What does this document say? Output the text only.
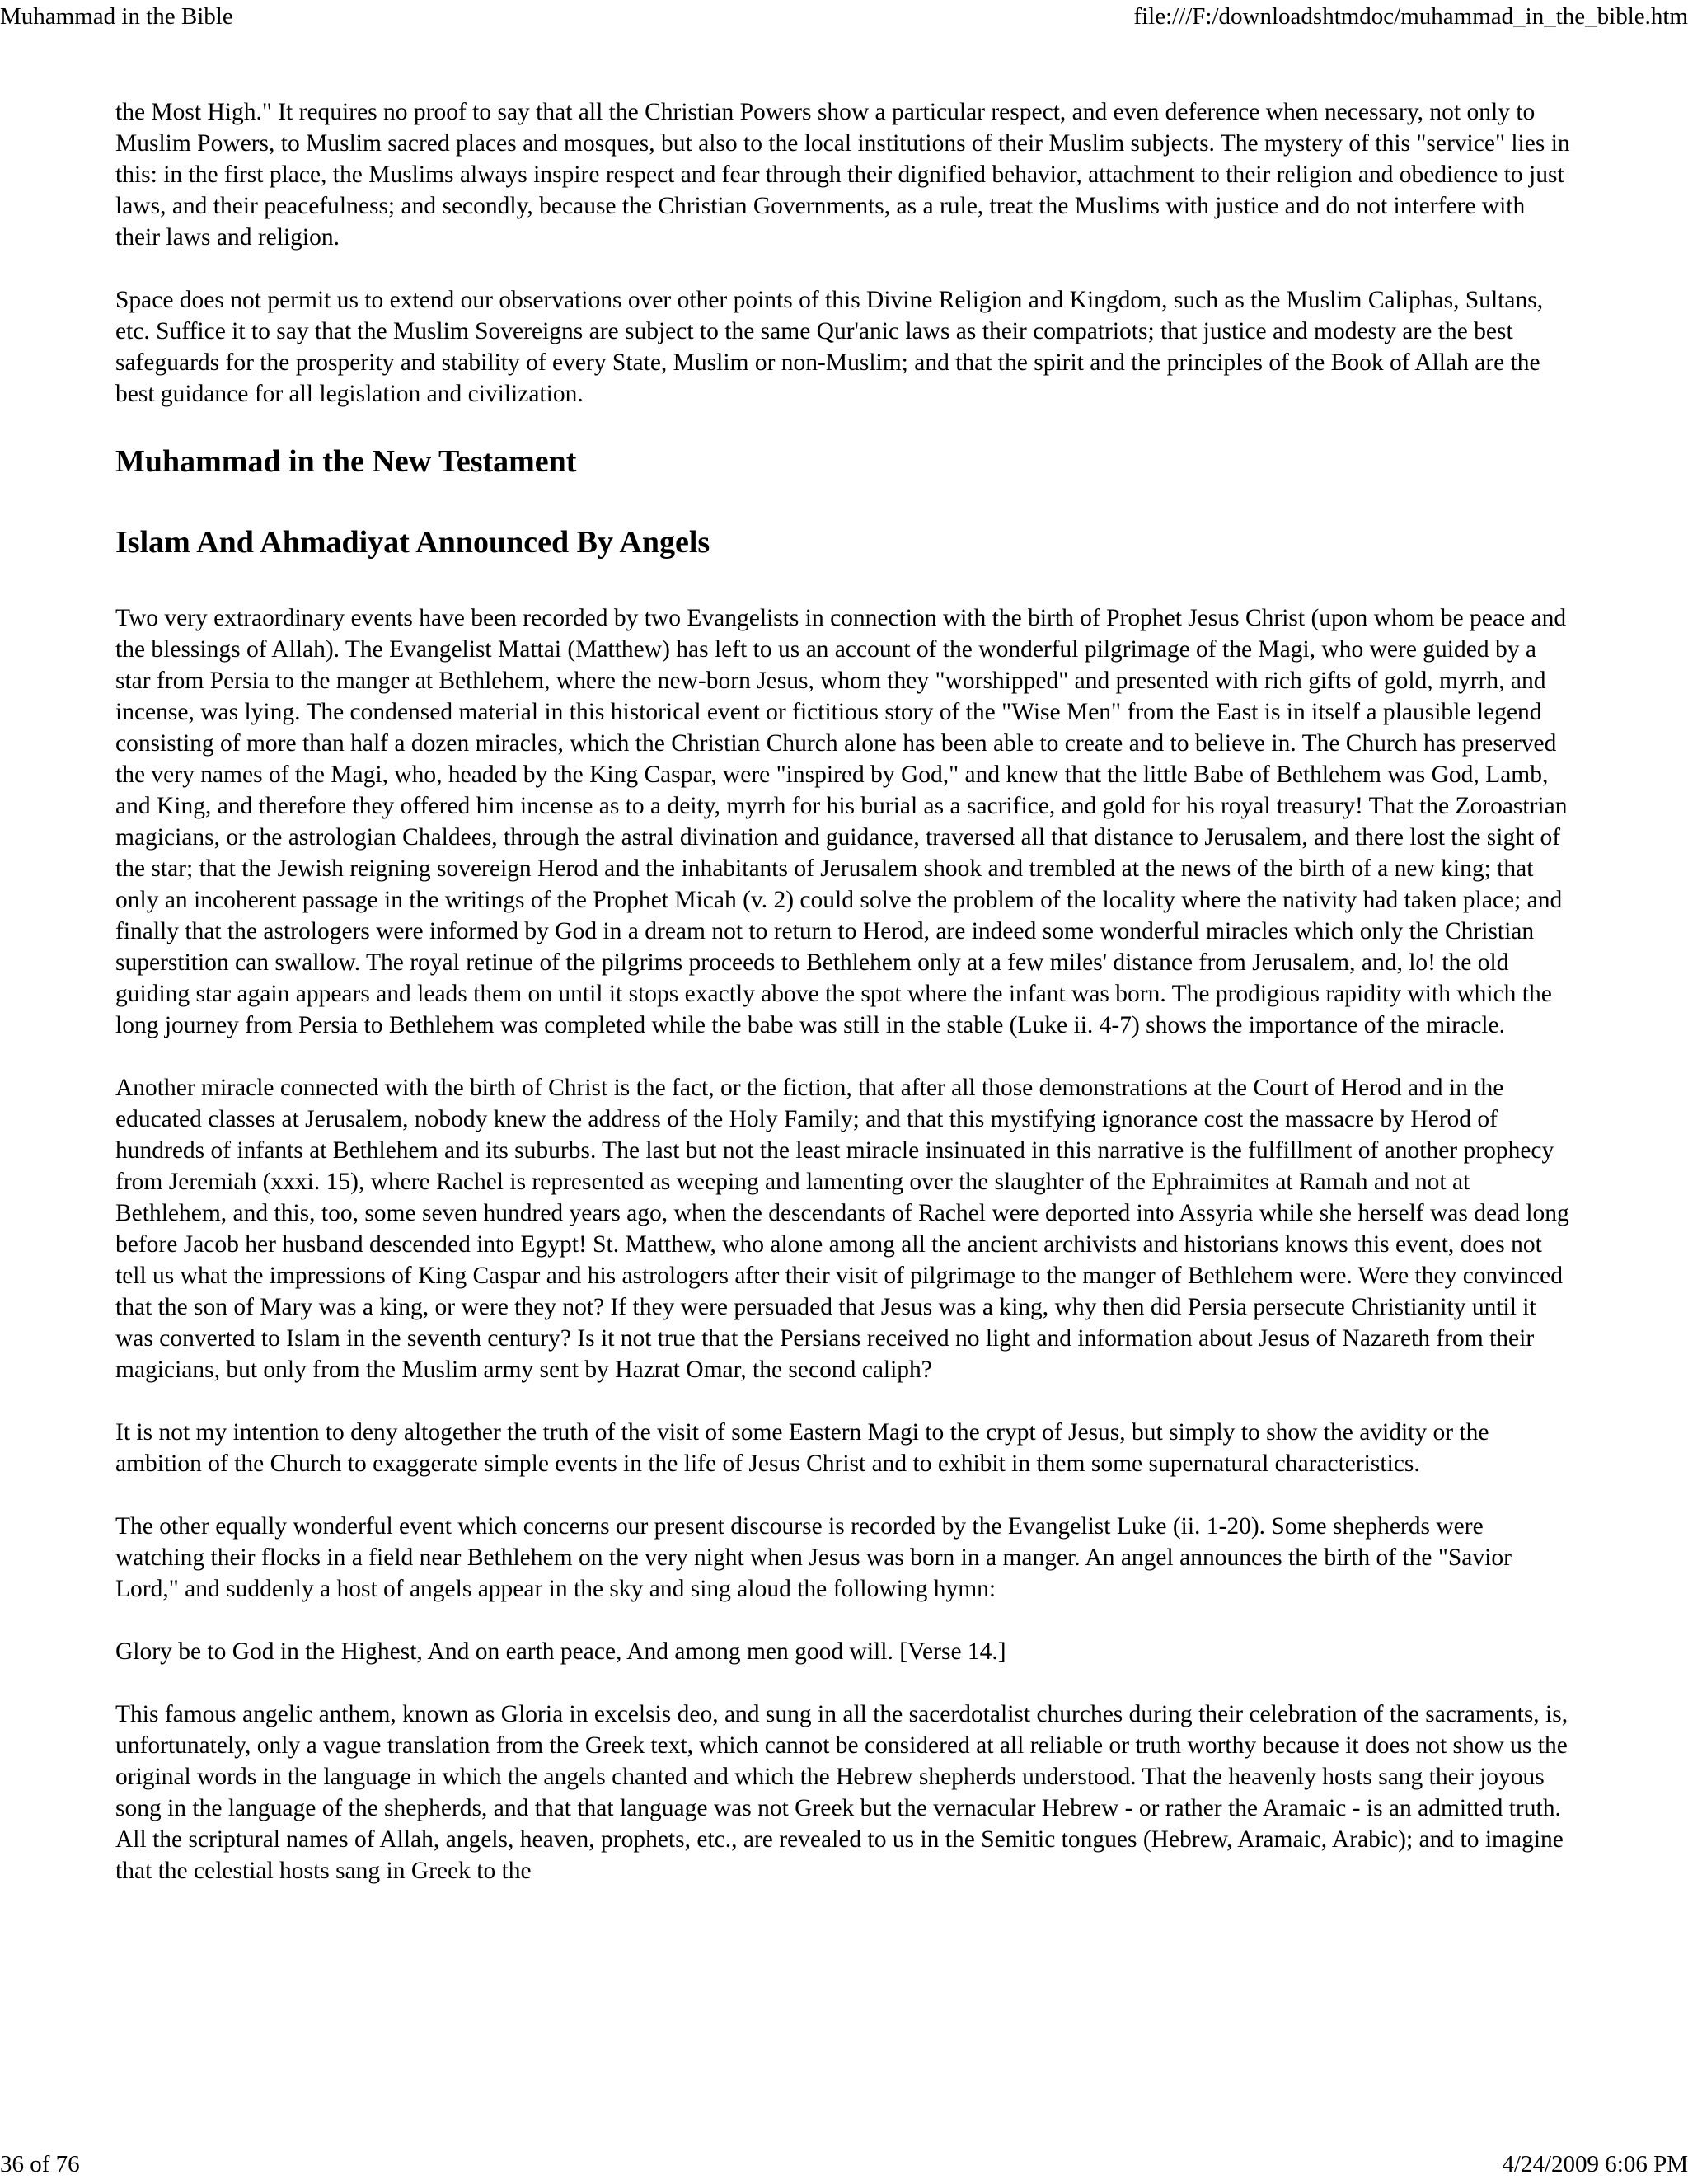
Muhammad in the Bible	file:///F:/downloadshtmdoc/muhammad_in_the_bible.htm

the Most High." It requires no proof to say that all the Christian Powers show a particular respect, and even deference when necessary, not only to Muslim Powers, to Muslim sacred places and mosques, but also to the local institutions of their Muslim subjects. The mystery of this "service" lies in this: in the first place, the Muslims always inspire respect and fear through their dignified behavior, attachment to their religion and obedience to just laws, and their peacefulness; and secondly, because the Christian Governments, as a rule, treat the Muslims with justice and do not interfere with their laws and religion.

Space does not permit us to extend our observations over other points of this Divine Religion and Kingdom, such as the Muslim Caliphas, Sultans, etc. Suffice it to say that the Muslim Sovereigns are subject to the same Qur'anic laws as their compatriots; that justice and modesty are the best safeguards for the prosperity and stability of every State, Muslim or non-Muslim; and that the spirit and the principles of the Book of Allah are the best guidance for all legislation and civilization.

Muhammad in the New Testament
Islam And Ahmadiyat Announced By Angels

Two very extraordinary events have been recorded by two Evangelists in connection with the birth of Prophet Jesus Christ (upon whom be peace and the blessings of Allah). The Evangelist Mattai (Matthew) has left to us an account of the wonderful pilgrimage of the Magi, who were guided by a star from Persia to the manger at Bethlehem, where the new-born Jesus, whom they "worshipped" and presented with rich gifts of gold, myrrh, and incense, was lying. The condensed material in this historical event or fictitious story of the "Wise Men" from the East is in itself a plausible legend consisting of more than half a dozen miracles, which the Christian Church alone has been able to create and to believe in. The Church has preserved the very names of the Magi, who, headed by the King Caspar, were "inspired by God," and knew that the little Babe of Bethlehem was God, Lamb, and King, and therefore they offered him incense as to a deity, myrrh for his burial as a sacrifice, and gold for his royal treasury! That the Zoroastrian magicians, or the astrologian Chaldees, through the astral divination and guidance, traversed all that distance to Jerusalem, and there lost the sight of the star; that the Jewish reigning sovereign Herod and the inhabitants of Jerusalem shook and trembled at the news of the birth of a new king; that only an incoherent passage in the writings of the Prophet Micah (v. 2) could solve the problem of the locality where the nativity had taken place; and finally that the astrologers were informed by God in a dream not to return to Herod, are indeed some wonderful miracles which only the Christian superstition can swallow. The royal retinue of the pilgrims proceeds to Bethlehem only at a few miles' distance from Jerusalem, and, lo! the old guiding star again appears and leads them on until it stops exactly above the spot where the infant was born. The prodigious rapidity with which the long journey from Persia to Bethlehem was completed while the babe was still in the stable (Luke ii. 4-7) shows the importance of the miracle.

Another miracle connected with the birth of Christ is the fact, or the fiction, that after all those demonstrations at the Court of Herod and in the educated classes at Jerusalem, nobody knew the address of the Holy Family; and that this mystifying ignorance cost the massacre by Herod of hundreds of infants at Bethlehem and its suburbs. The last but not the least miracle insinuated in this narrative is the fulfillment of another prophecy from Jeremiah (xxxi. 15), where Rachel is represented as weeping and lamenting over the slaughter of the Ephraimites at Ramah and not at Bethlehem, and this, too, some seven hundred years ago, when the descendants of Rachel were deported into Assyria while she herself was dead long before Jacob her husband descended into Egypt! St. Matthew, who alone among all the ancient archivists and historians knows this event, does not tell us what the impressions of King Caspar and his astrologers after their visit of pilgrimage to the manger of Bethlehem were. Were they convinced that the son of Mary was a king, or were they not? If they were persuaded that Jesus was a king, why then did Persia persecute Christianity until it was converted to Islam in the seventh century? Is it not true that the Persians received no light and information about Jesus of Nazareth from their magicians, but only from the Muslim army sent by Hazrat Omar, the second caliph?

It is not my intention to deny altogether the truth of the visit of some Eastern Magi to the crypt of Jesus, but simply to show the avidity or the ambition of the Church to exaggerate simple events in the life of Jesus Christ and to exhibit in them some supernatural characteristics.

The other equally wonderful event which concerns our present discourse is recorded by the Evangelist Luke (ii. 1-20). Some shepherds were watching their flocks in a field near Bethlehem on the very night when Jesus was born in a manger. An angel announces the birth of the "Savior Lord," and suddenly a host of angels appear in the sky and sing aloud the following hymn:

Glory be to God in the Highest, And on earth peace, And among men good will. [Verse 14.]

This famous angelic anthem, known as Gloria in excelsis deo, and sung in all the sacerdotalist churches during their celebration of the sacraments, is, unfortunately, only a vague translation from the Greek text, which cannot be considered at all reliable or truth worthy because it does not show us the original words in the language in which the angels chanted and which the Hebrew shepherds understood. That the heavenly hosts sang their joyous song in the language of the shepherds, and that that language was not Greek but the vernacular Hebrew - or rather the Aramaic - is an admitted truth. All the scriptural names of Allah, angels, heaven, prophets, etc., are revealed to us in the Semitic tongues (Hebrew, Aramaic, Arabic); and to imagine that the celestial hosts sang in Greek to the

36 of 76	4/24/2009 6:06 PM
